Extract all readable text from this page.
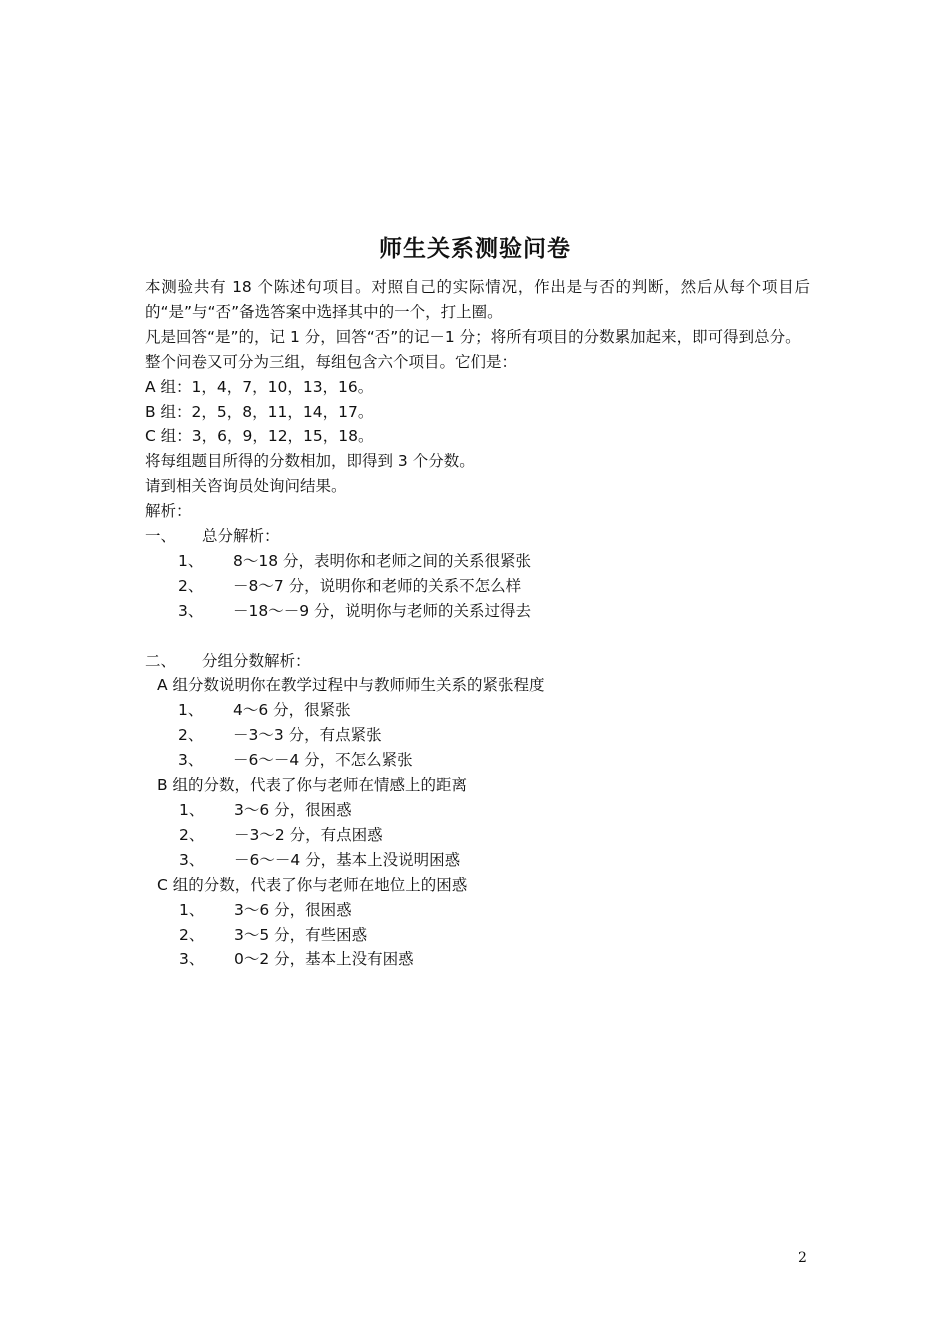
师生关系测验问卷
本测验共有 18 个陈述句项目。对照自己的实际情况，作出是与否的判断，然后从每个项目后的“是”与“否”备选答案中选择其中的一个，打上圈。
凡是回答“是”的，记 1 分，回答“否”的记－1 分；将所有项目的分数累加起来，即可得到总分。
整个问卷又可分为三组，每组包含六个项目。它们是：
A 组：1，4，7，10，13，16。
B 组：2，5，8，11，14，17。
C 组：3，6，9，12，15，18。
将每组题目所得的分数相加，即得到 3 个分数。
请到相关咨询员处询问结果。
解析：
一、 总分解析：
1、 8～18 分，表明你和老师之间的关系很紧张
2、 －8～7 分，说明你和老师的关系不怎么样
3、 －18～－9 分，说明你与老师的关系过得去
二、 分组分数解析：
A 组分数说明你在教学过程中与教师师生关系的紧张程度
1、 4～6 分，很紧张
2、 －3～3 分，有点紧张
3、 －6～－4 分，不怎么紧张
B 组的分数，代表了你与老师在情感上的距离
1、 3～6 分，很困惑
2、 －3～2 分，有点困惑
3、 －6～－4 分，基本上没说明困惑
C 组的分数，代表了你与老师在地位上的困惑
1、 3～6 分，很困惑
2、 3～5 分，有些困惑
3、 0～2 分，基本上没有困惑
2
